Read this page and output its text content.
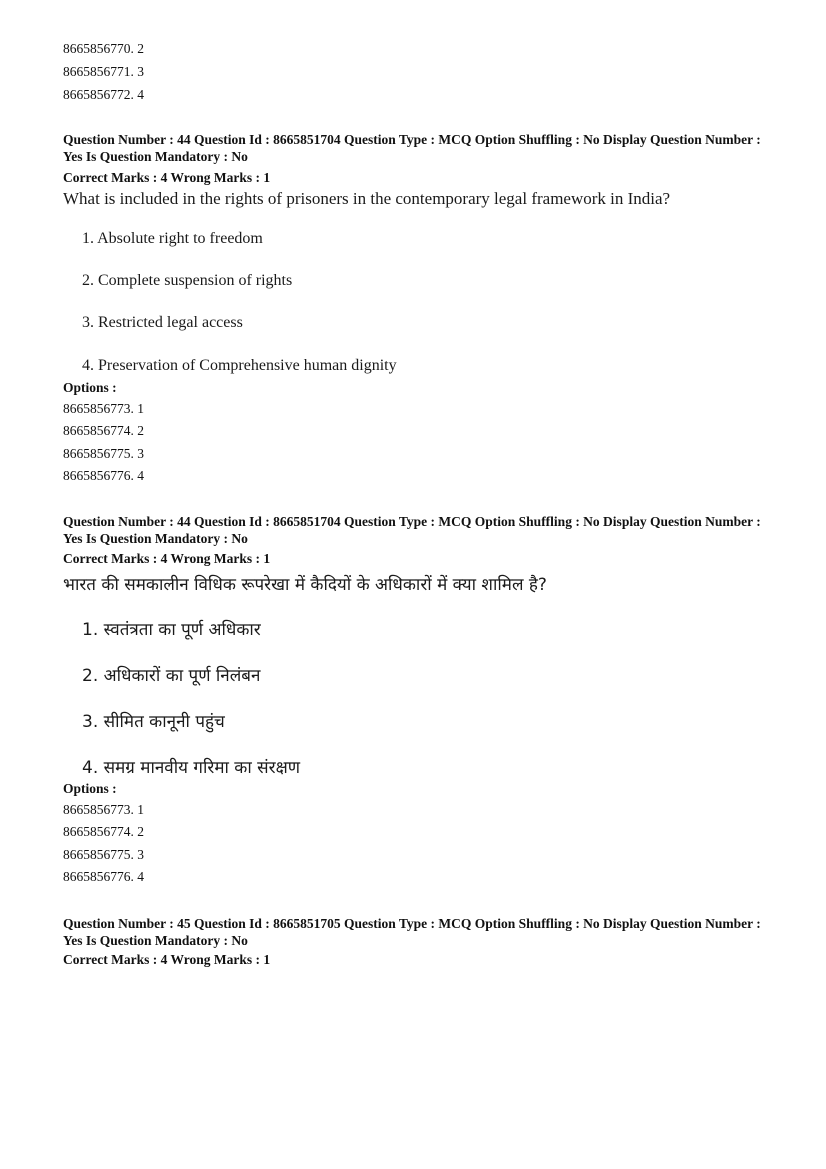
8665856770. 2
8665856771. 3
8665856772. 4
Question Number : 44 Question Id : 8665851704 Question Type : MCQ Option Shuffling : No Display Question Number : Yes Is Question Mandatory : No
Correct Marks : 4 Wrong Marks : 1
What is included in the rights of prisoners in the contemporary legal framework in India?
1. Absolute right to freedom
2. Complete suspension of rights
3. Restricted legal access
4. Preservation of Comprehensive human dignity
Options :
8665856773. 1
8665856774. 2
8665856775. 3
8665856776. 4
Question Number : 44 Question Id : 8665851704 Question Type : MCQ Option Shuffling : No Display Question Number : Yes Is Question Mandatory : No
Correct Marks : 4 Wrong Marks : 1
भारत की समकालीन विधिक रूपरेखा में कैदियों के अधिकारों में क्या शामिल है?
1. स्वतंत्रता का पूर्ण अधिकार
2. अधिकारों का पूर्ण निलंबन
3. सीमित कानूनी पहुंच
4. समग्र मानवीय गरिमा का संरक्षण
Options :
8665856773. 1
8665856774. 2
8665856775. 3
8665856776. 4
Question Number : 45 Question Id : 8665851705 Question Type : MCQ Option Shuffling : No Display Question Number : Yes Is Question Mandatory : No
Correct Marks : 4 Wrong Marks : 1
